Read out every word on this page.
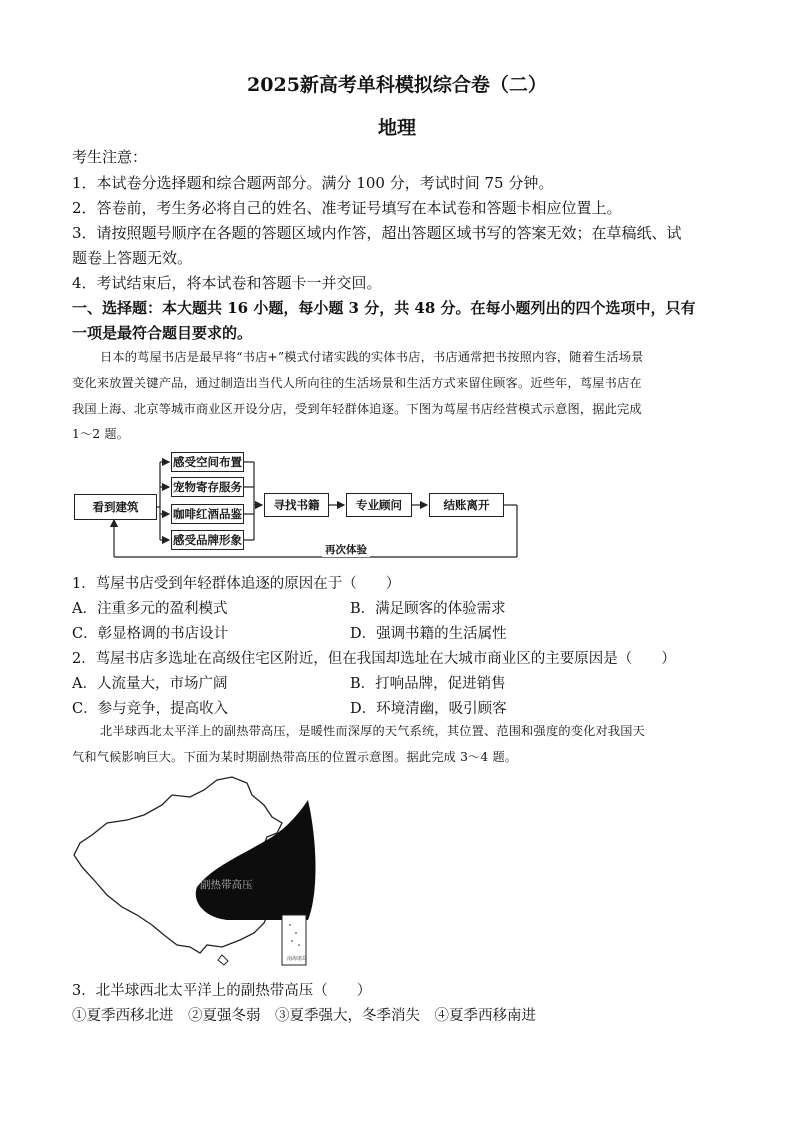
2025新高考单科模拟综合卷（二）
地理
考生注意：
1．本试卷分选择题和综合题两部分。满分 100 分，考试时间 75 分钟。
2．答卷前，考生务必将自己的姓名、准考证号填写在本试卷和答题卡相应位置上。
3．请按照题号顺序在各题的答题区域内作答，超出答题区域书写的答案无效；在草稿纸、试
题卷上答题无效。
4．考试结束后，将本试卷和答题卡一并交回。
一、选择题：本大题共 16 小题，每小题 3 分，共 48 分。在每小题列出的四个选项中，只有
一项是最符合题目要求的。
日本的茑屋书店是最早将“书店+”模式付诸实践的实体书店，书店通常把书按照内容，随着生活场景
变化来放置关键产品，通过制造出当代人所向往的生活场景和生活方式来留住顾客。近些年，茑屋书店在
我国上海、北京等城市商业区开设分店，受到年轻群体追逐。下图为茑屋书店经营模式示意图，据此完成
1～2 题。
看到建筑
感受空间布置
宠物寄存服务
咖啡红酒品鉴
感受品牌形象
寻找书籍	专业顾问	结账离开
再次体验
1．茑屋书店受到年轻群体追逐的原因在于（　　）
A．注重多元的盈利模式	B．满足顾客的体验需求
C．彰显格调的书店设计	D．强调书籍的生活属性
2．茑屋书店多选址在高级住宅区附近，但在我国却选址在大城市商业区的主要原因是（　　）
A．人流量大，市场广阔	B．打响品牌，促进销售
C．参与竞争，提高收入	D．环境清幽，吸引顾客
北半球西北太平洋上的副热带高压，是暖性而深厚的天气系统，其位置、范围和强度的变化对我国天
气和气候影响巨大。下面为某时期副热带高压的位置示意图。据此完成 3～4 题。
副热带高压
南海诸岛
3．北半球西北太平洋上的副热带高压（　　）
①夏季西移北进　②夏强冬弱　③夏季强大，冬季消失　④夏季西移南进
